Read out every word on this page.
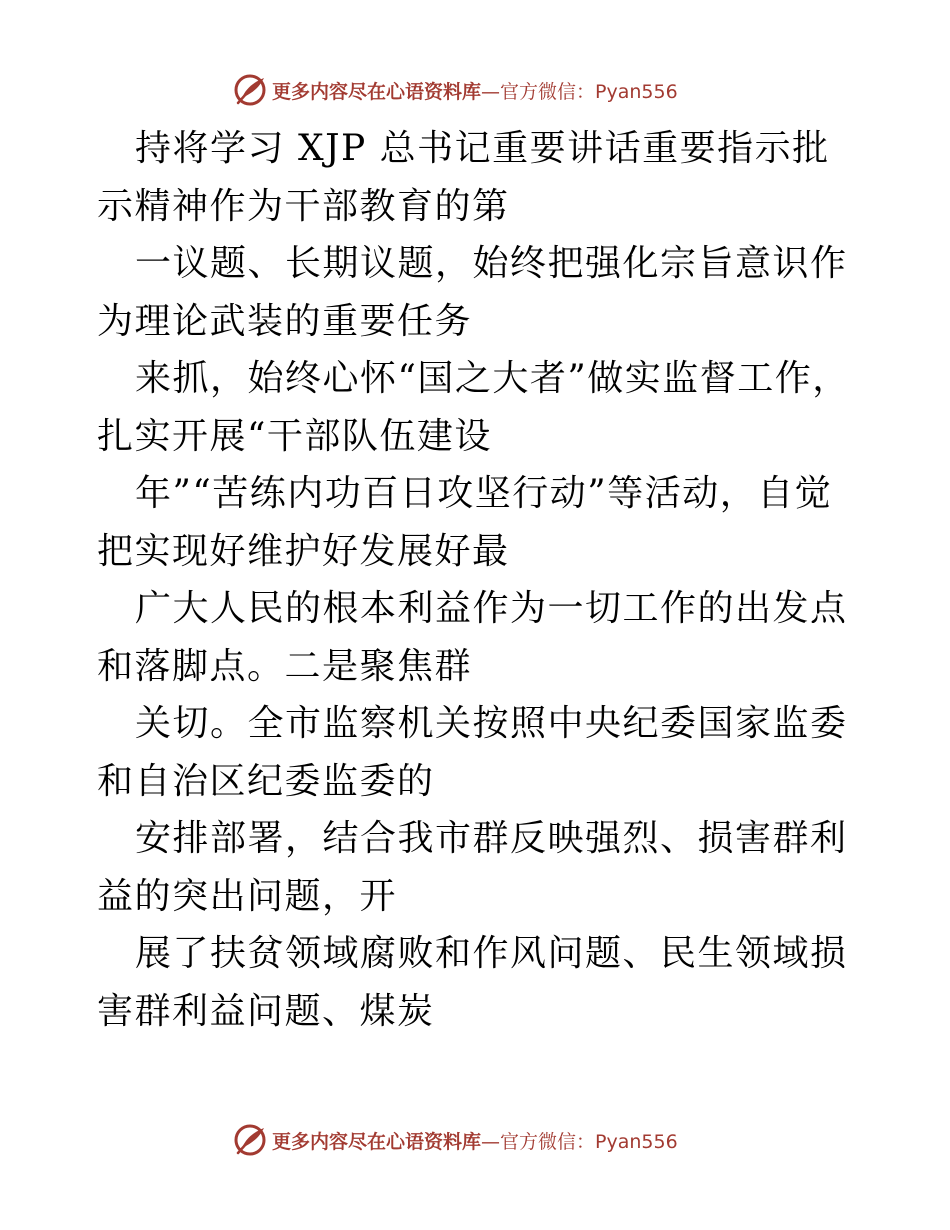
更多内容尽在心语资料库—官方微信：Pyan556

持将学习 XJP 总书记重要讲话重要指示批示精神作为干部教育的第

一议题、长期议题，始终把强化宗旨意识作为理论武装的重要任务

来抓，始终心怀“国之大者”做实监督工作，扎实开展“干部队伍建设

年”“苦练内功百日攻坚行动”等活动，自觉把实现好维护好发展好最

广大人民的根本利益作为一切工作的出发点和落脚点。二是聚焦群

关切。全市监察机关按照中央纪委国家监委和自治区纪委监委的

安排部署，结合我市群反映强烈、损害群利益的突出问题，开

展了扶贫领域腐败和作风问题、民生领域损害群利益问题、煤炭

更多内容尽在心语资料库—官方微信：Pyan556
